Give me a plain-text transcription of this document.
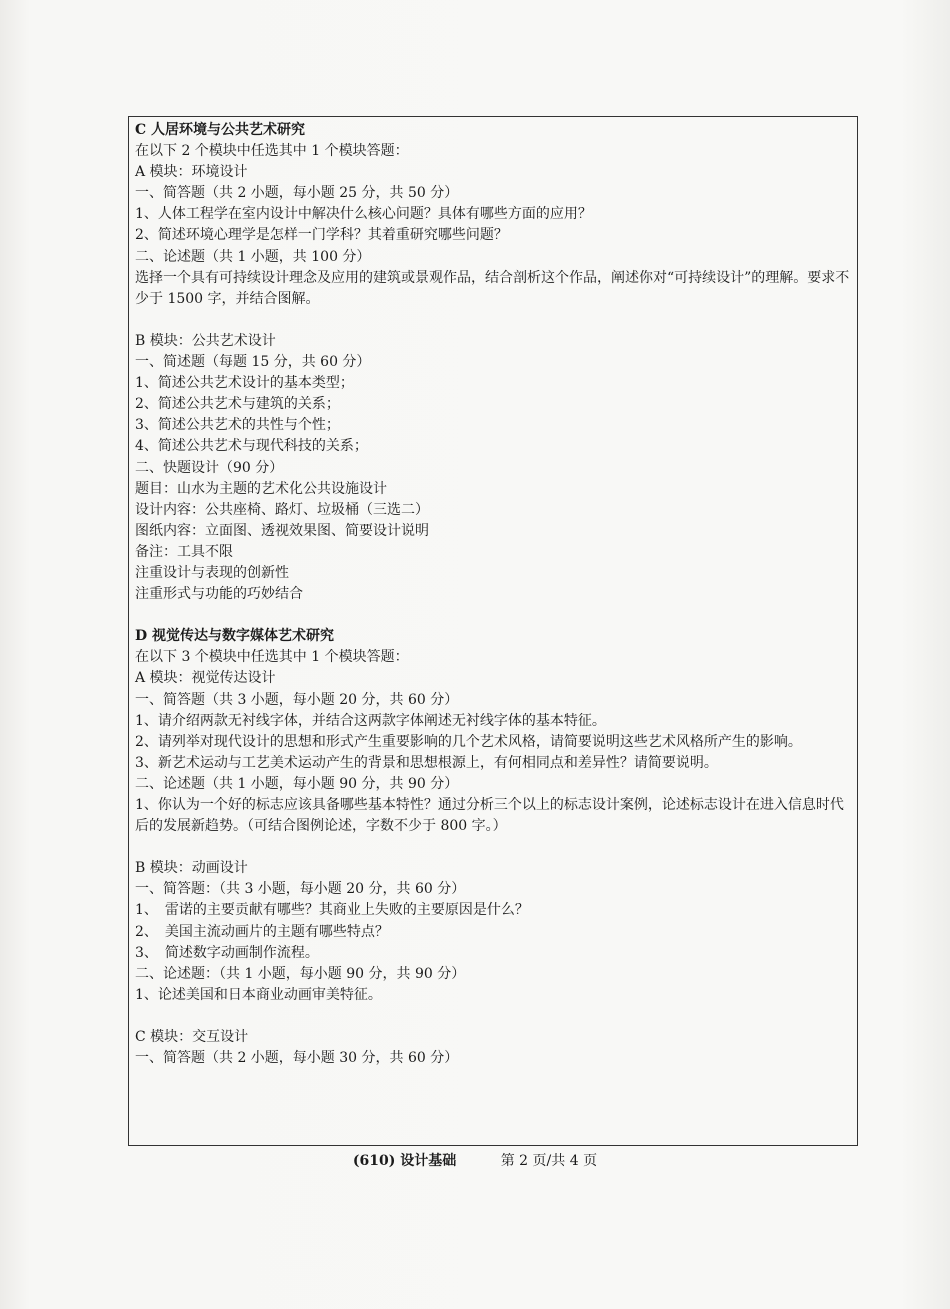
C 人居环境与公共艺术研究
在以下 2 个模块中任选其中 1 个模块答题：
A 模块：环境设计
一、简答题（共 2 小题，每小题 25 分，共 50 分）
1、人体工程学在室内设计中解决什么核心问题？具体有哪些方面的应用？
2、简述环境心理学是怎样一门学科？其着重研究哪些问题？
二、论述题（共 1 小题，共 100 分）
选择一个具有可持续设计理念及应用的建筑或景观作品，结合剖析这个作品，阐述你对“可持续设计”的理解。要求不少于 1500 字，并结合图解。
B 模块：公共艺术设计
一、简述题（每题 15 分，共 60 分）
1、简述公共艺术设计的基本类型；
2、简述公共艺术与建筑的关系；
3、简述公共艺术的共性与个性；
4、简述公共艺术与现代科技的关系；
二、快题设计（90 分）
题目：山水为主题的艺术化公共设施设计
设计内容：公共座椅、路灯、垃圾桶（三选二）
图纸内容：立面图、透视效果图、简要设计说明
备注：工具不限
注重设计与表现的创新性
注重形式与功能的巧妙结合
D 视觉传达与数字媒体艺术研究
在以下 3 个模块中任选其中 1 个模块答题：
A 模块：视觉传达设计
一、简答题（共 3 小题，每小题 20 分，共 60 分）
1、请介绍两款无衬线字体，并结合这两款字体阐述无衬线字体的基本特征。
2、请列举对现代设计的思想和形式产生重要影响的几个艺术风格，请简要说明这些艺术风格所产生的影响。
3、新艺术运动与工艺美术运动产生的背景和思想根源上，有何相同点和差异性？请简要说明。
二、论述题（共 1 小题，每小题 90 分，共 90 分）
1、你认为一个好的标志应该具备哪些基本特性？通过分析三个以上的标志设计案例，论述标志设计在进入信息时代后的发展新趋势。（可结合图例论述，字数不少于 800 字。）
B 模块：动画设计
一、简答题：（共 3 小题，每小题 20 分，共 60 分）
1、　雷诺的主要贡献有哪些？其商业上失败的主要原因是什么？
2、　美国主流动画片的主题有哪些特点？
3、　简述数字动画制作流程。
二、论述题：（共 1 小题，每小题 90 分，共 90 分）
1、论述美国和日本商业动画审美特征。
C 模块：交互设计
一、简答题（共 2 小题，每小题 30 分，共 60 分）
(610) 设计基础	第 2 页/共 4 页
